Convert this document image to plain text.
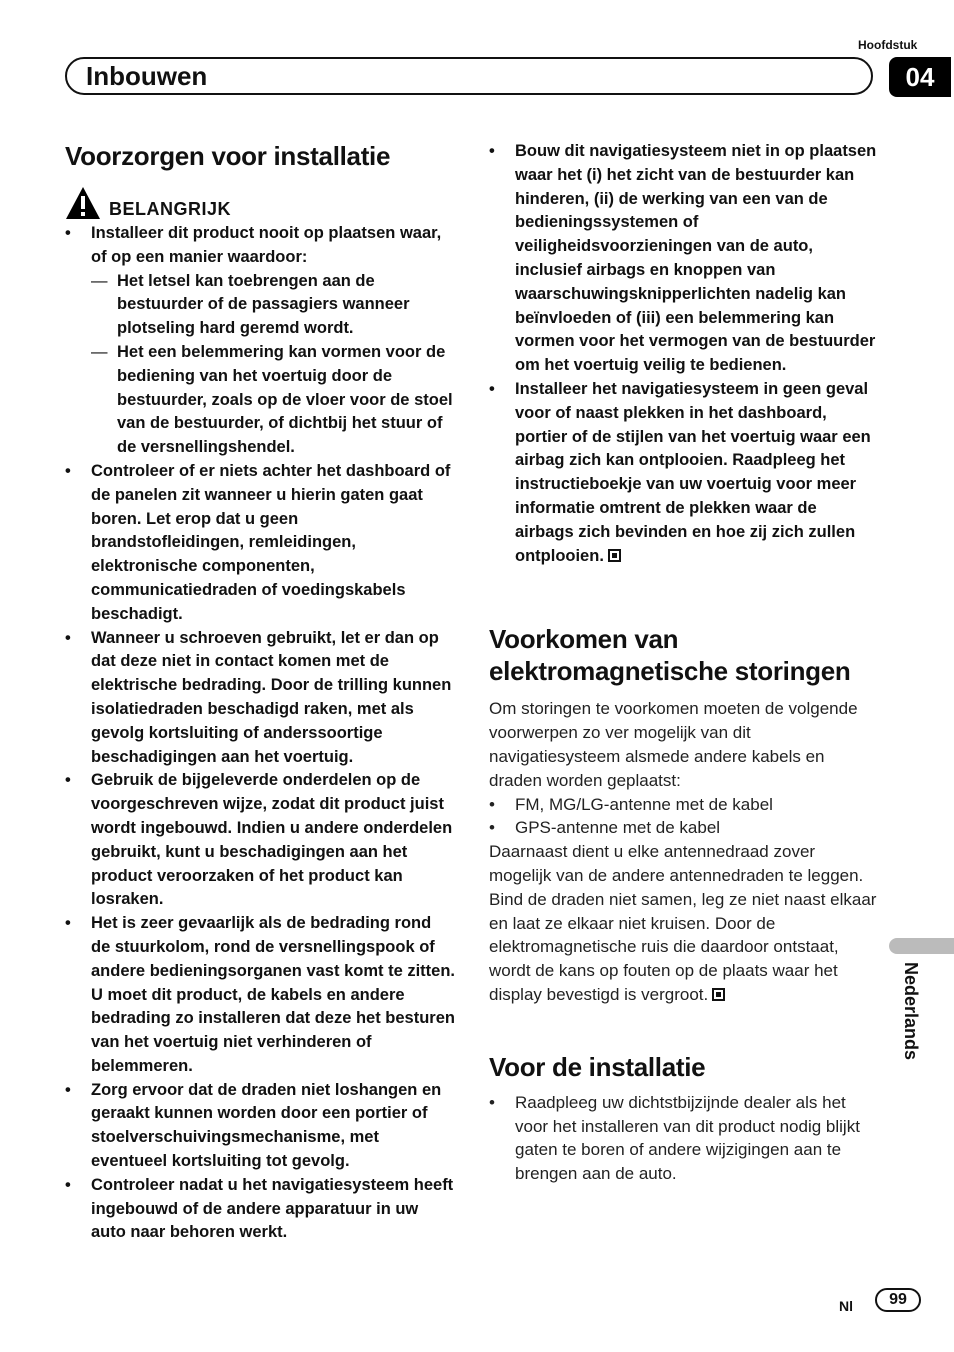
Hoofdstuk
Inbouwen	04
Voorzorgen voor installatie
BELANGRIJK
•	Installeer dit product nooit op plaatsen waar, of op een manier waardoor:
— Het letsel kan toebrengen aan de bestuurder of de passagiers wanneer plotseling hard geremd wordt.
— Het een belemmering kan vormen voor de bediening van het voertuig door de bestuurder, zoals op de vloer voor de stoel van de bestuurder, of dichtbij het stuur of de versnellingshendel.
•	Controleer of er niets achter het dashboard of de panelen zit wanneer u hierin gaten gaat boren. Let erop dat u geen brandstofleidingen, remleidingen, elektronische componenten, communicatiedraden of voedingskabels beschadigt.
•	Wanneer u schroeven gebruikt, let er dan op dat deze niet in contact komen met de elektrische bedrading. Door de trilling kunnen isolatiedraden beschadigd raken, met als gevolg kortsluiting of anderssoortige beschadigingen aan het voertuig.
•	Gebruik de bijgeleverde onderdelen op de voorgeschreven wijze, zodat dit product juist wordt ingebouwd. Indien u andere onderdelen gebruikt, kunt u beschadigingen aan het product veroorzaken of het product kan losraken.
•	Het is zeer gevaarlijk als de bedrading rond de stuurkolom, rond de versnellingspook of andere bedieningsorganen vast komt te zitten. U moet dit product, de kabels en andere bedrading zo installeren dat deze het besturen van het voertuig niet verhinderen of belemmeren.
•	Zorg ervoor dat de draden niet loshangen en geraakt kunnen worden door een portier of stoelverschuivingsmechanisme, met eventueel kortsluiting tot gevolg.
•	Controleer nadat u het navigatiesysteem heeft ingebouwd of de andere apparatuur in uw auto naar behoren werkt.
•	Bouw dit navigatiesysteem niet in op plaatsen waar het (i) het zicht van de bestuurder kan hinderen, (ii) de werking van een van de bedieningssystemen of veiligheidsvoorzieningen van de auto, inclusief airbags en knoppen van waarschuwingsknipperlichten nadelig kan beïnvloeden of (iii) een belemmering kan vormen voor het vermogen van de bestuurder om het voertuig veilig te bedienen.
•	Installeer het navigatiesysteem in geen geval voor of naast plekken in het dashboard, portier of de stijlen van het voertuig waar een airbag zich kan ontplooien. Raadpleeg het instructieboekje van uw voertuig voor meer informatie omtrent de plekken waar de airbags zich bevinden en hoe zij zich zullen ontplooien.
Voorkomen van
elektromagnetische storingen

Om storingen te voorkomen moeten de volgende voorwerpen zo ver mogelijk van dit navigatiesysteem alsmede andere kabels en draden worden geplaatst:

•	FM, MG/LG-antenne met de kabel
•	GPS-antenne met de kabel

Daarnaast dient u elke antennedraad zover mogelijk van de andere antennedraden te leggen. Bind de draden niet samen, leg ze niet naast elkaar en laat ze elkaar niet kruisen. Door de elektromagnetische ruis die daardoor ontstaat, wordt de kans op fouten op de plaats waar het display bevestigd is vergroot.

Voor de installatie
•	Raadpleeg uw dichtstbijzijnde dealer als het voor het installeren van dit product nodig blijkt gaten te boren of andere wijzigingen aan te brengen aan de auto.
Nederlands
Nl	99
